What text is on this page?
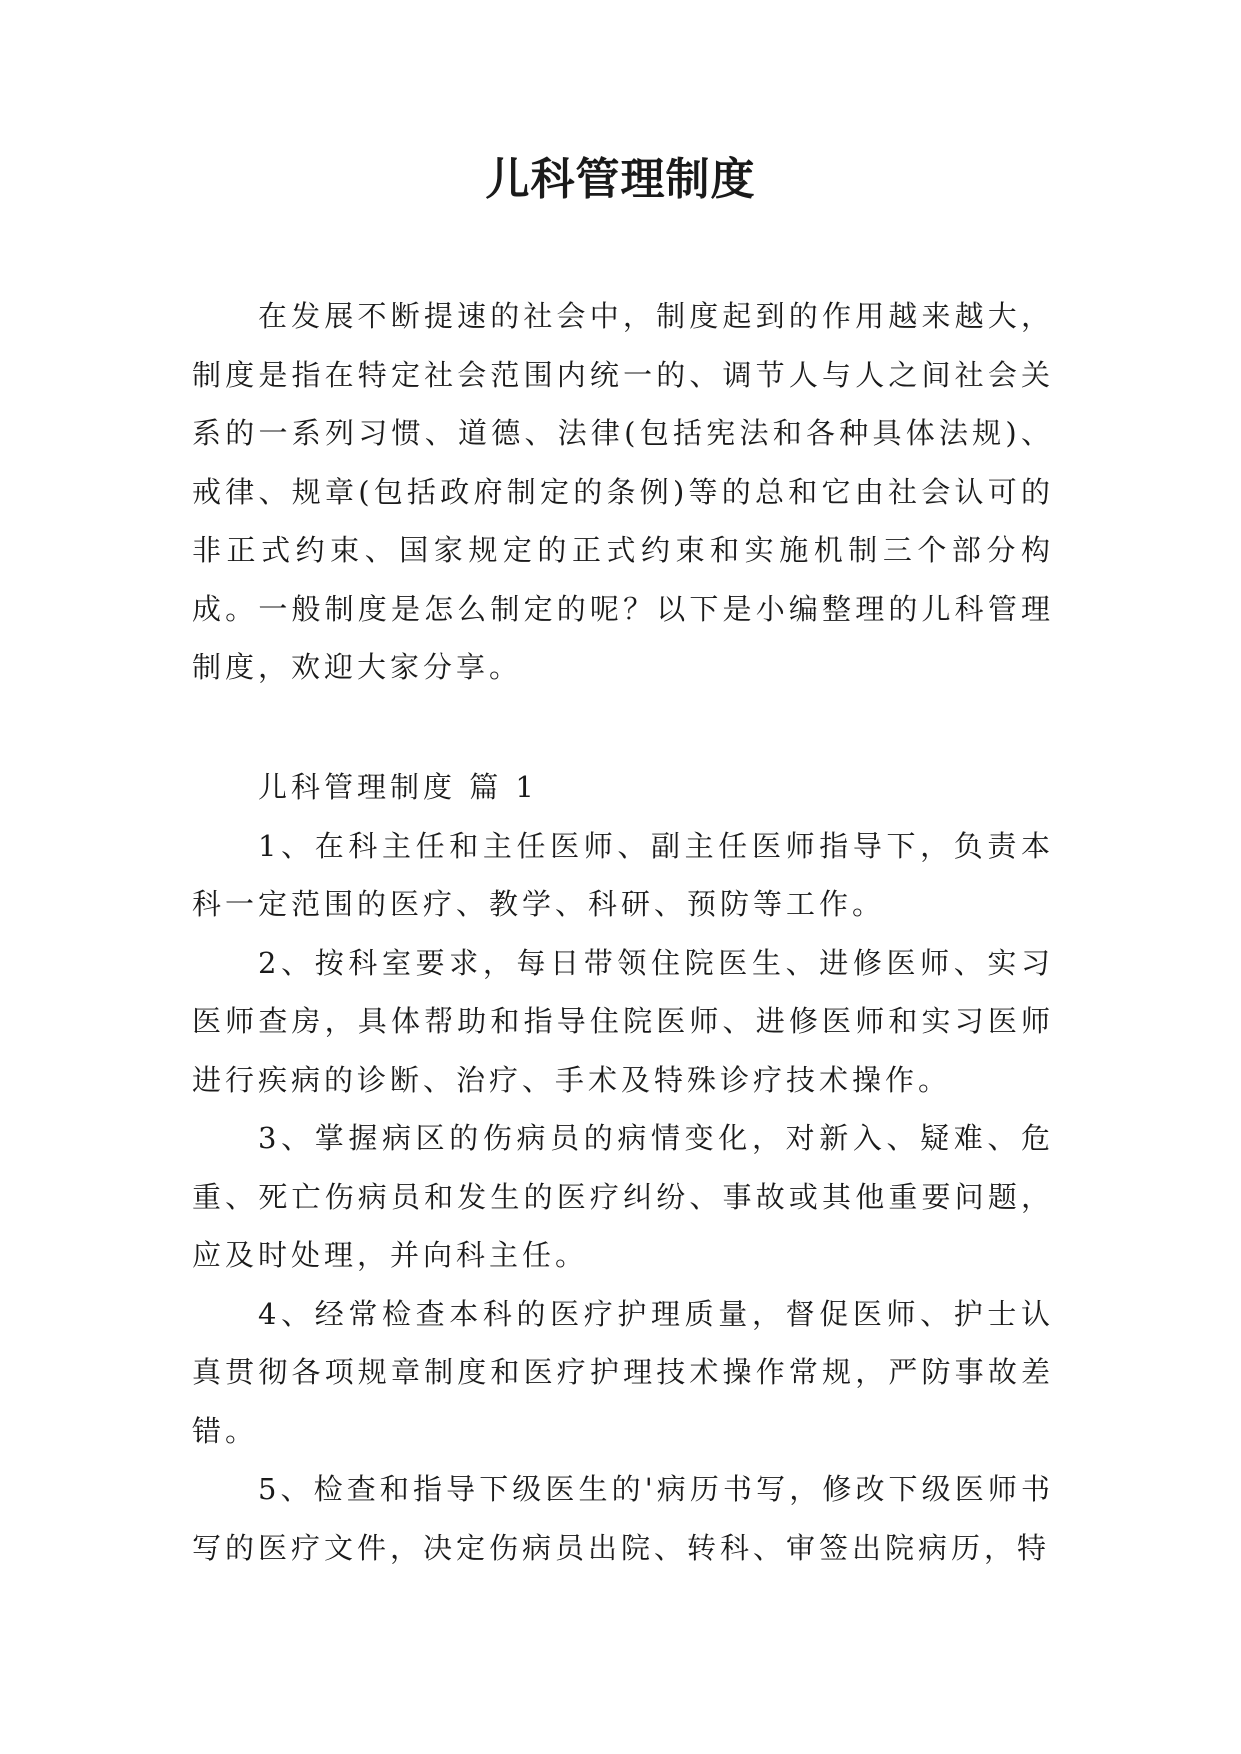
儿科管理制度

在发展不断提速的社会中，制度起到的作用越来越大，制度是指在特定社会范围内统一的、调节人与人之间社会关系的一系列习惯、道德、法律(包括宪法和各种具体法规)、戒律、规章(包括政府制定的条例)等的总和它由社会认可的非正式约束、国家规定的正式约束和实施机制三个部分构成。一般制度是怎么制定的呢？以下是小编整理的儿科管理制度，欢迎大家分享。

儿科管理制度 篇 1

1、在科主任和主任医师、副主任医师指导下，负责本科一定范围的医疗、教学、科研、预防等工作。

2、按科室要求，每日带领住院医生、进修医师、实习医师查房，具体帮助和指导住院医师、进修医师和实习医师进行疾病的诊断、治疗、手术及特殊诊疗技术操作。

3、掌握病区的伤病员的病情变化，对新入、疑难、危重、死亡伤病员和发生的医疗纠纷、事故或其他重要问题，应及时处理，并向科主任。

4、经常检查本科的医疗护理质量，督促医师、护士认真贯彻各项规章制度和医疗护理技术操作常规，严防事故差错。

5、检查和指导下级医生的'病历书写，修改下级医师书写的医疗文件，决定伤病员出院、转科、审签出院病历，特
